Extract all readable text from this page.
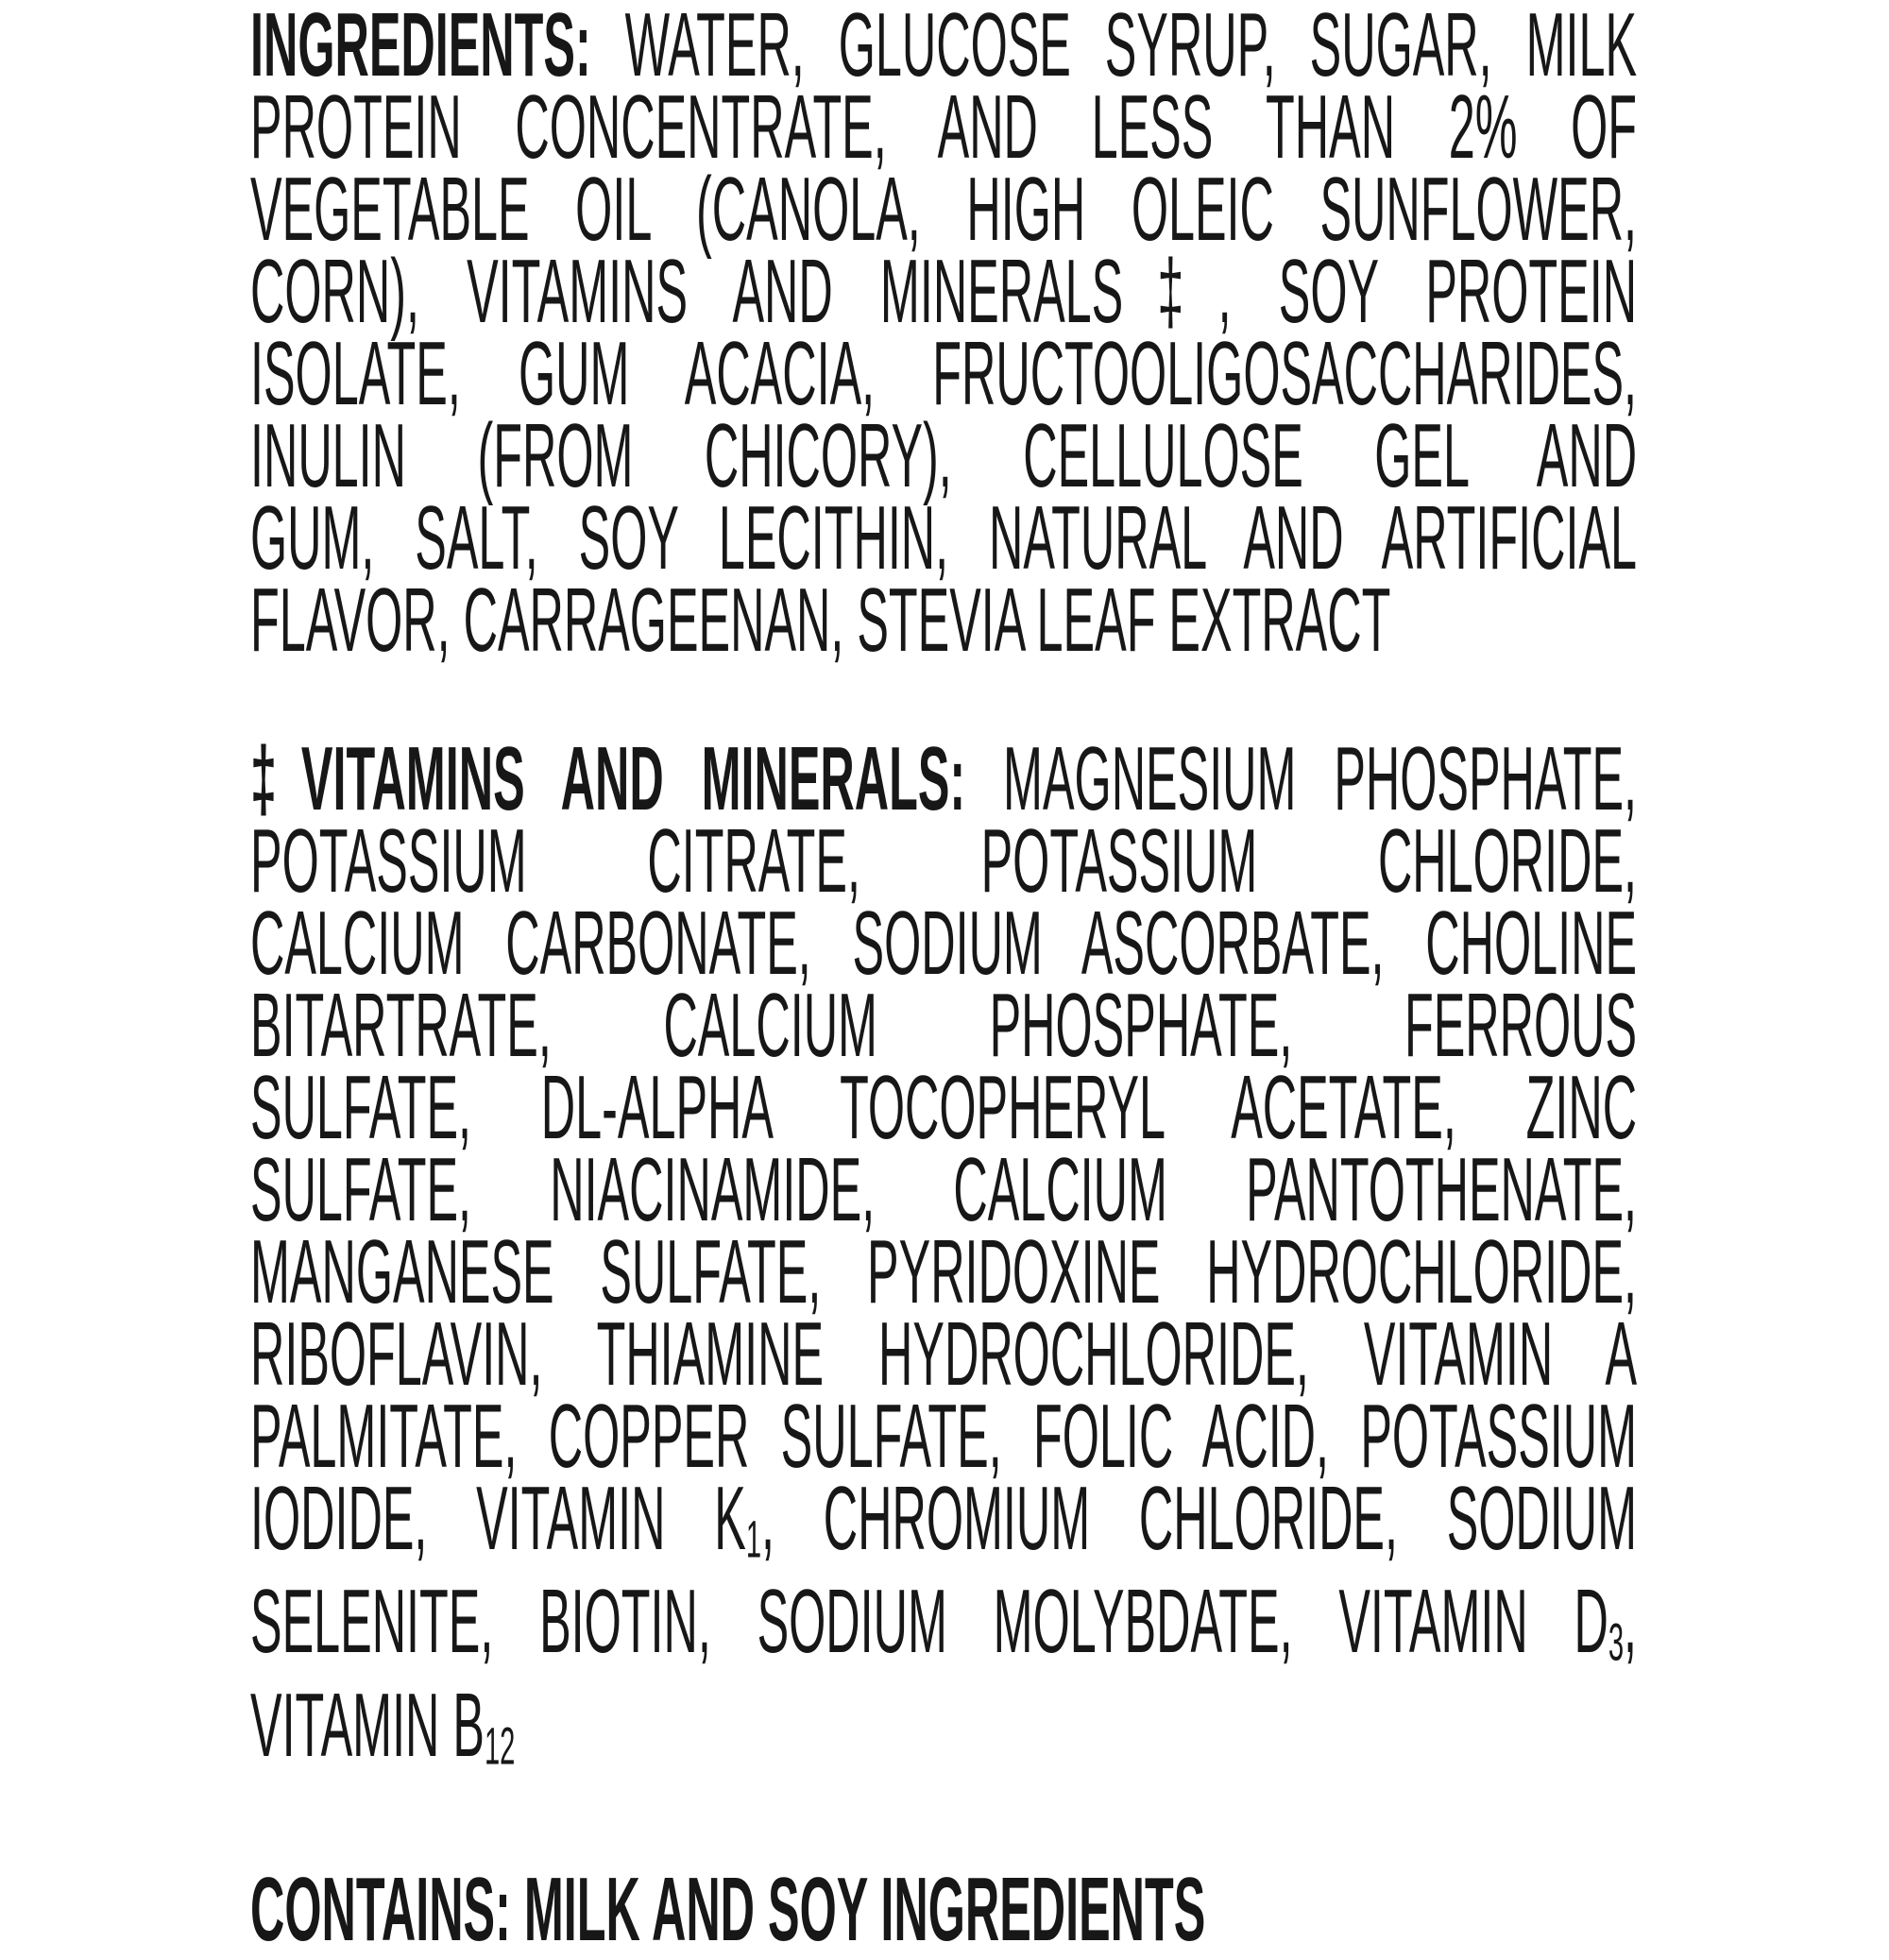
INGREDIENTS: WATER, GLUCOSE SYRUP, SUGAR, MILK
PROTEIN CONCENTRATE, AND LESS THAN 2% OF
VEGETABLE OIL (CANOLA, HIGH OLEIC SUNFLOWER,
CORN), VITAMINS AND MINERALS‡, SOY PROTEIN
ISOLATE, GUM ACACIA, FRUCTOOLIGOSACCHARIDES,
INULIN (FROM CHICORY), CELLULOSE GEL AND
GUM, SALT, SOY LECITHIN, NATURAL AND ARTIFICIAL
FLAVOR, CARRAGEENAN, STEVIA LEAF EXTRACT
‡VITAMINS AND MINERALS: MAGNESIUM PHOSPHATE,
POTASSIUM CITRATE, POTASSIUM CHLORIDE,
CALCIUM CARBONATE, SODIUM ASCORBATE, CHOLINE
BITARTRATE, CALCIUM PHOSPHATE, FERROUS
SULFATE, DL-ALPHA TOCOPHERYL ACETATE, ZINC
SULFATE, NIACINAMIDE, CALCIUM PANTOTHENATE,
MANGANESE SULFATE, PYRIDOXINE HYDROCHLORIDE,
RIBOFLAVIN, THIAMINE HYDROCHLORIDE, VITAMIN A
PALMITATE, COPPER SULFATE, FOLIC ACID, POTASSIUM
IODIDE, VITAMIN K1, CHROMIUM CHLORIDE, SODIUM
SELENITE, BIOTIN, SODIUM MOLYBDATE, VITAMIN D3,
VITAMIN B12
CONTAINS: MILK AND SOY INGREDIENTS
